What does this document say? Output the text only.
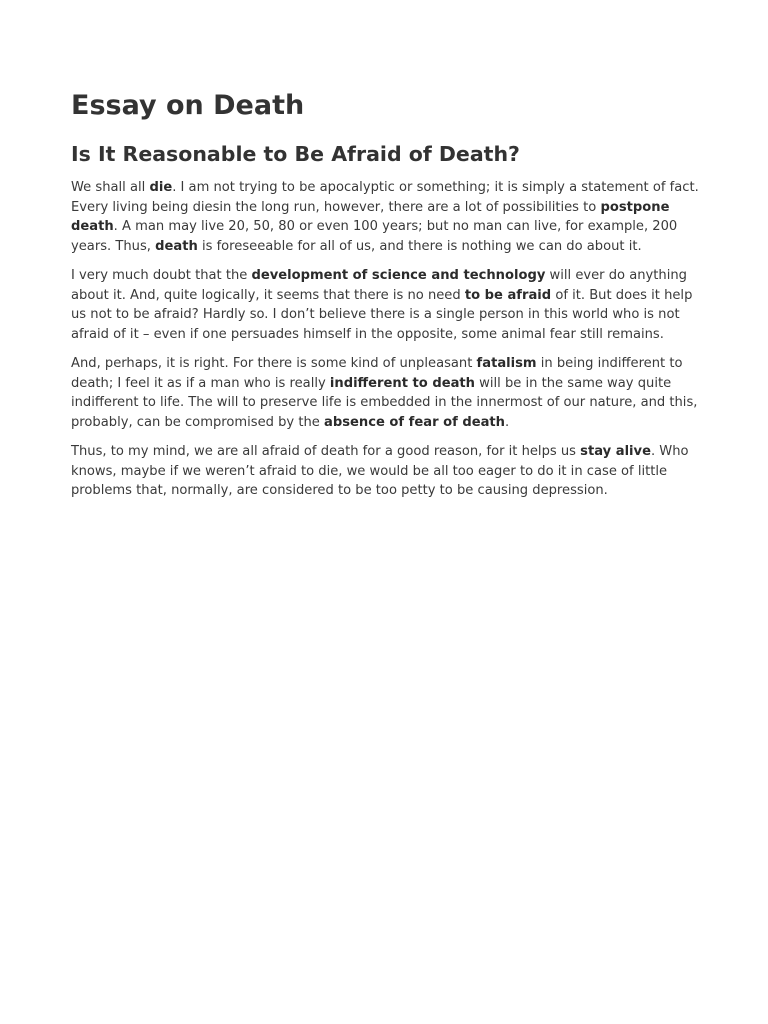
Essay on Death
Is It Reasonable to Be Afraid of Death?

We shall all die. I am not trying to be apocalyptic or something; it is simply a statement of fact. Every living being diesin the long run, however, there are a lot of possibilities to postpone death. A man may live 20, 50, 80 or even 100 years; but no man can live, for example, 200 years. Thus, death is foreseeable for all of us, and there is nothing we can do about it.

I very much doubt that the development of science and technology will ever do anything about it. And, quite logically, it seems that there is no need to be afraid of it. But does it help us not to be afraid? Hardly so. I don’t believe there is a single person in this world who is not afraid of it – even if one persuades himself in the opposite, some animal fear still remains.

And, perhaps, it is right. For there is some kind of unpleasant fatalism in being indifferent to death; I feel it as if a man who is really indifferent to death will be in the same way quite indifferent to life. The will to preserve life is embedded in the innermost of our nature, and this, probably, can be compromised by the absence of fear of death.

Thus, to my mind, we are all afraid of death for a good reason, for it helps us stay alive. Who knows, maybe if we weren’t afraid to die, we would be all too eager to do it in case of little problems that, normally, are considered to be too petty to be causing depression.
